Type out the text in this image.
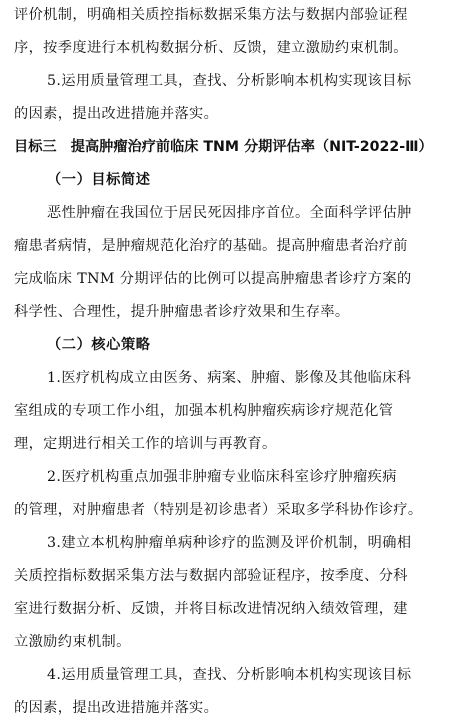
评价机制，明确相关质控指标数据采集方法与数据内部验证程
序，按季度进行本机构数据分析、反馈，建立激励约束机制。
5.运用质量管理工具，查找、分析影响本机构实现该目标
的因素，提出改进措施并落实。
目标三　提高肿瘤治疗前临床 TNM 分期评估率（NIT-2022-Ⅲ）
（一）目标简述
恶性肿瘤在我国位于居民死因排序首位。全面科学评估肿
瘤患者病情，是肿瘤规范化治疗的基础。提高肿瘤患者治疗前
完成临床 TNM 分期评估的比例可以提高肿瘤患者诊疗方案的
科学性、合理性，提升肿瘤患者诊疗效果和生存率。
（二）核心策略
1.医疗机构成立由医务、病案、肿瘤、影像及其他临床科
室组成的专项工作小组，加强本机构肿瘤疾病诊疗规范化管
理，定期进行相关工作的培训与再教育。
2.医疗机构重点加强非肿瘤专业临床科室诊疗肿瘤疾病
的管理，对肿瘤患者（特别是初诊患者）采取多学科协作诊疗。
3.建立本机构肿瘤单病种诊疗的监测及评价机制，明确相
关质控指标数据采集方法与数据内部验证程序，按季度、分科
室进行数据分析、反馈，并将目标改进情况纳入绩效管理，建
立激励约束机制。
4.运用质量管理工具，查找、分析影响本机构实现该目标
的因素，提出改进措施并落实。
